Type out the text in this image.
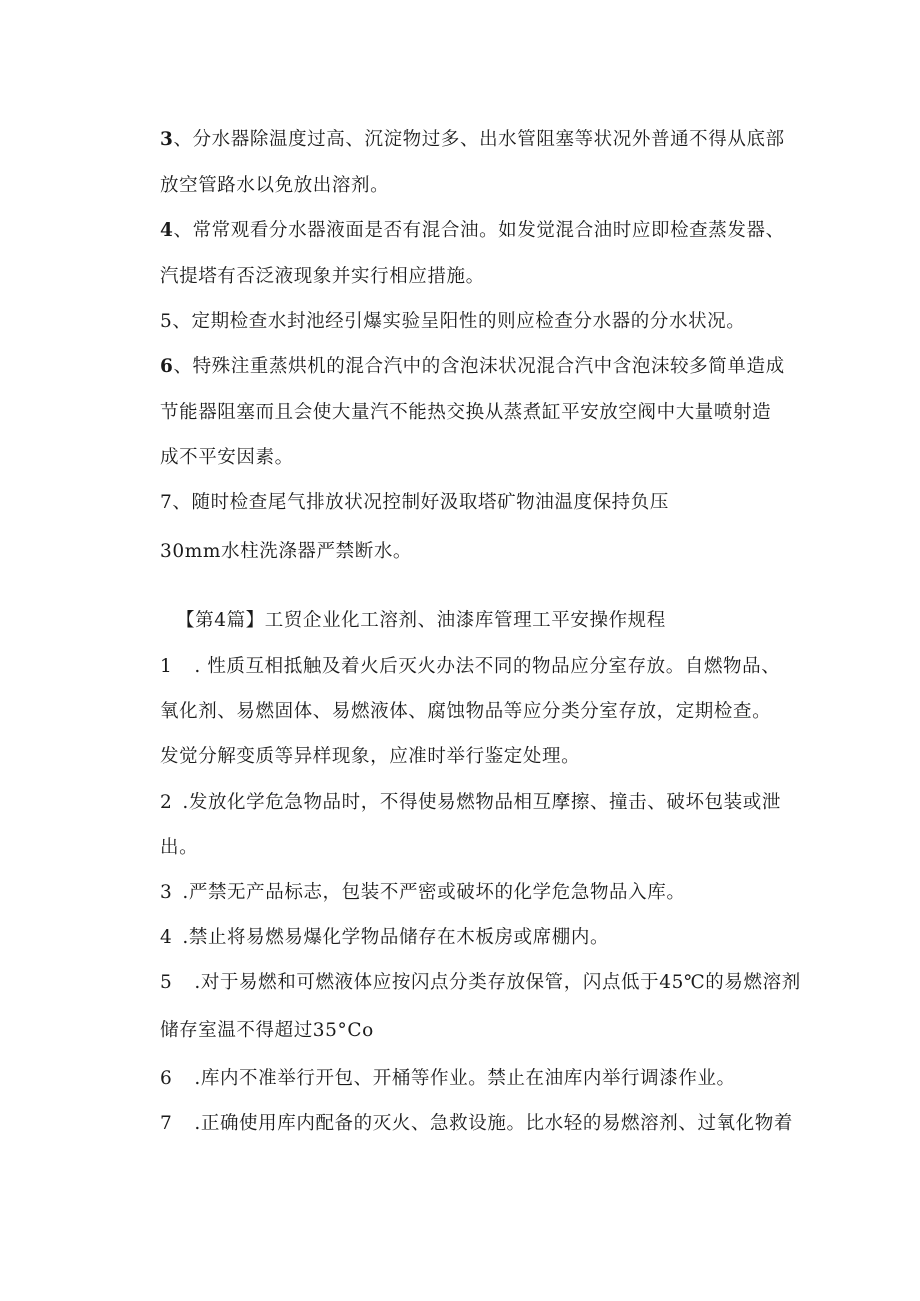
3、分水器除温度过高、沉淀物过多、出水管阻塞等状况外普通不得从底部
放空管路水以免放出溶剂。
4、常常观看分水器液面是否有混合油。如发觉混合油时应即检查蒸发器、
汽提塔有否泛液现象并实行相应措施。
5、定期检查水封池经引爆实验呈阳性的则应检查分水器的分水状况。
6、特殊注重蒸烘机的混合汽中的含泡沫状况混合汽中含泡沫较多简单造成
节能器阻塞而且会使大量汽不能热交换从蒸煮缸平安放空阀中大量喷射造
成不平安因素。
7、随时检查尾气排放状况控制好汲取塔矿物油温度保持负压
30mm水柱洗涤器严禁断水。
【第4篇】工贸企业化工溶剂、油漆库管理工平安操作规程
1 . 性质互相抵触及着火后灭火办法不同的物品应分室存放。自燃物品、
氧化剂、易燃固体、易燃液体、腐蚀物品等应分类分室存放，定期检查。
发觉分解变质等异样现象，应准时举行鉴定处理。
2 .发放化学危急物品时，不得使易燃物品相互摩擦、撞击、破坏包装或泄
出。
3 .严禁无产品标志，包装不严密或破坏的化学危急物品入库。
4 .禁止将易燃易爆化学物品储存在木板房或席棚内。
5 .对于易燃和可燃液体应按闪点分类存放保管，闪点低于45℃的易燃溶剂
储存室温不得超过35°Co
6 .库内不准举行开包、开桶等作业。禁止在油库内举行调漆作业。
7 .正确使用库内配备的灭火、急救设施。比水轻的易燃溶剂、过氧化物着
